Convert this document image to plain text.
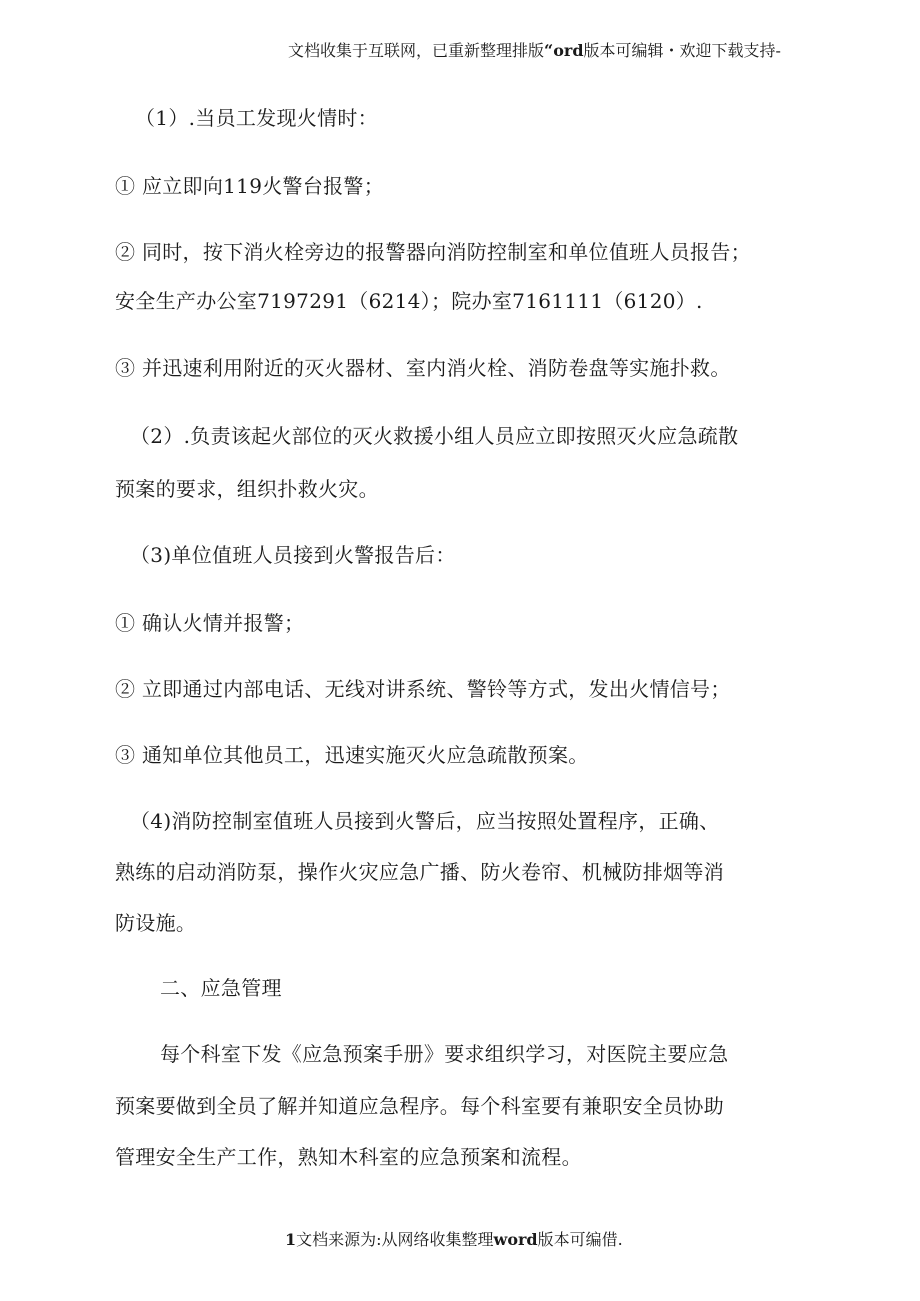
文档收集于互联网，已重新整理排版“ord版本可编辑・欢迎下载支持-
（1）.当员工发现火情时：
① 应立即向119火警台报警；
② 同时，按下消火栓旁边的报警器向消防控制室和单位值班人员报告；
安全生产办公室7197291（6214）；院办室7161111（6120）.
③ 并迅速利用附近的灭火器材、室内消火栓、消防卷盘等实施扑救。
（2）.负责该起火部位的灭火救援小组人员应立即按照灭火应急疏散
预案的要求，组织扑救火灾。
（3)单位值班人员接到火警报告后：
① 确认火情并报警；
② 立即通过内部电话、无线对讲系统、警铃等方式，发出火情信号；
③ 通知单位其他员工，迅速实施灭火应急疏散预案。
（4)消防控制室值班人员接到火警后，应当按照处置程序，正确、
熟练的启动消防泵，操作火灾应急广播、防火卷帘、机械防排烟等消
防设施。
二、应急管理
每个科室下发《应急预案手册》要求组织学习，对医院主要应急
预案要做到全员了解并知道应急程序。每个科室要有兼职安全员协助
管理安全生产工作，熟知木科室的应急预案和流程。
1文档来源为:从网络收集整理word版本可编借.
